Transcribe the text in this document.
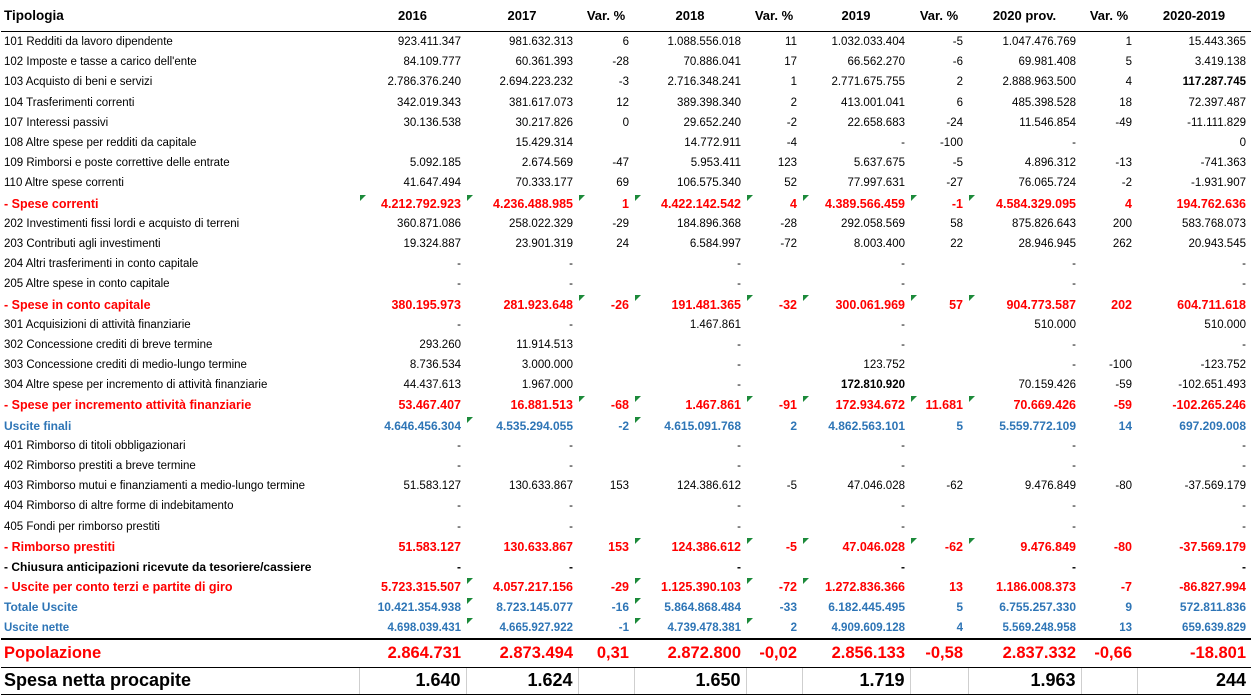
Tipologia	2016	2017	Var. %	2018	Var. %	2019	Var. %	2020 prov.	Var. %	2020-2019
101 Redditi da lavoro dipendente	923.411.347	981.632.313	6	1.088.556.018	11	1.032.033.404	-5	1.047.476.769	1	15.443.365
102 Imposte e tasse a carico dell'ente	84.109.777	60.361.393	-28	70.886.041	17	66.562.270	-6	69.981.408	5	3.419.138
103 Acquisto di beni e servizi	2.786.376.240	2.694.223.232	-3	2.716.348.241	1	2.771.675.755	2	2.888.963.500	4	117.287.745
104 Trasferimenti correnti	342.019.343	381.617.073	12	389.398.340	2	413.001.041	6	485.398.528	18	72.397.487
107 Interessi passivi	30.136.538	30.217.826	0	29.652.240	-2	22.658.683	-24	11.546.854	-49	-11.111.829
108 Altre spese per redditi da capitale		15.429.314		14.772.911	-4	-	-100	-		0
109 Rimborsi e poste correttive delle entrate	5.092.185	2.674.569	-47	5.953.411	123	5.637.675	-5	4.896.312	-13	-741.363
110 Altre spese correnti	41.647.494	70.333.177	69	106.575.340	52	77.997.631	-27	76.065.724	-2	-1.931.907
- Spese correnti	4.212.792.923	4.236.488.985	1	4.422.142.542	4	4.389.566.459	-1	4.584.329.095	4	194.762.636
202 Investimenti fissi lordi e acquisto di terreni	360.871.086	258.022.329	-29	184.896.368	-28	292.058.569	58	875.826.643	200	583.768.073
203 Contributi agli investimenti	19.324.887	23.901.319	24	6.584.997	-72	8.003.400	22	28.946.945	262	20.943.545
204 Altri trasferimenti in conto capitale	-	-		-		-		-		-
205 Altre spese in conto capitale	-	-		-		-		-		-
- Spese in conto capitale	380.195.973	281.923.648	-26	191.481.365	-32	300.061.969	57	904.773.587	202	604.711.618
301 Acquisizioni di attività finanziarie	-	-		1.467.861		-		510.000		510.000
302 Concessione crediti di breve termine	293.260	11.914.513		-		-		-		-
303 Concessione crediti di medio-lungo termine	8.736.534	3.000.000		-		123.752		-	-100	-123.752
304 Altre spese per incremento di attività finanziarie	44.437.613	1.967.000		-		172.810.920		70.159.426	-59	-102.651.493
- Spese per incremento attività finanziarie	53.467.407	16.881.513	-68	1.467.861	-91	172.934.672	11.681	70.669.426	-59	-102.265.246
Uscite finali	4.646.456.304	4.535.294.055	-2	4.615.091.768	2	4.862.563.101	5	5.559.772.109	14	697.209.008
401 Rimborso di titoli obbligazionari	-	-		-		-		-		-
402 Rimborso prestiti a breve termine	-	-		-		-		-		-
403 Rimborso mutui e finanziamenti a medio-lungo termine	51.583.127	130.633.867	153	124.386.612	-5	47.046.028	-62	9.476.849	-80	-37.569.179
404 Rimborso di altre forme di indebitamento	-	-		-		-		-		-
405 Fondi per rimborso prestiti	-	-		-		-		-		-
- Rimborso prestiti	51.583.127	130.633.867	153	124.386.612	-5	47.046.028	-62	9.476.849	-80	-37.569.179
- Chiusura anticipazioni ricevute da tesoriere/cassiere	-	-		-		-		-		-
- Uscite per conto terzi e partite di giro	5.723.315.507	4.057.217.156	-29	1.125.390.103	-72	1.272.836.366	13	1.186.008.373	-7	-86.827.994
Totale Uscite	10.421.354.938	8.723.145.077	-16	5.864.868.484	-33	6.182.445.495	5	6.755.257.330	9	572.811.836
Uscite nette	4.698.039.431	4.665.927.922	-1	4.739.478.381	2	4.909.609.128	4	5.569.248.958	13	659.639.829
Popolazione	2.864.731	2.873.494	0,31	2.872.800	-0,02	2.856.133	-0,58	2.837.332	-0,66	-18.801
Spesa netta procapite	1.640	1.624		1.650		1.719		1.963		244
